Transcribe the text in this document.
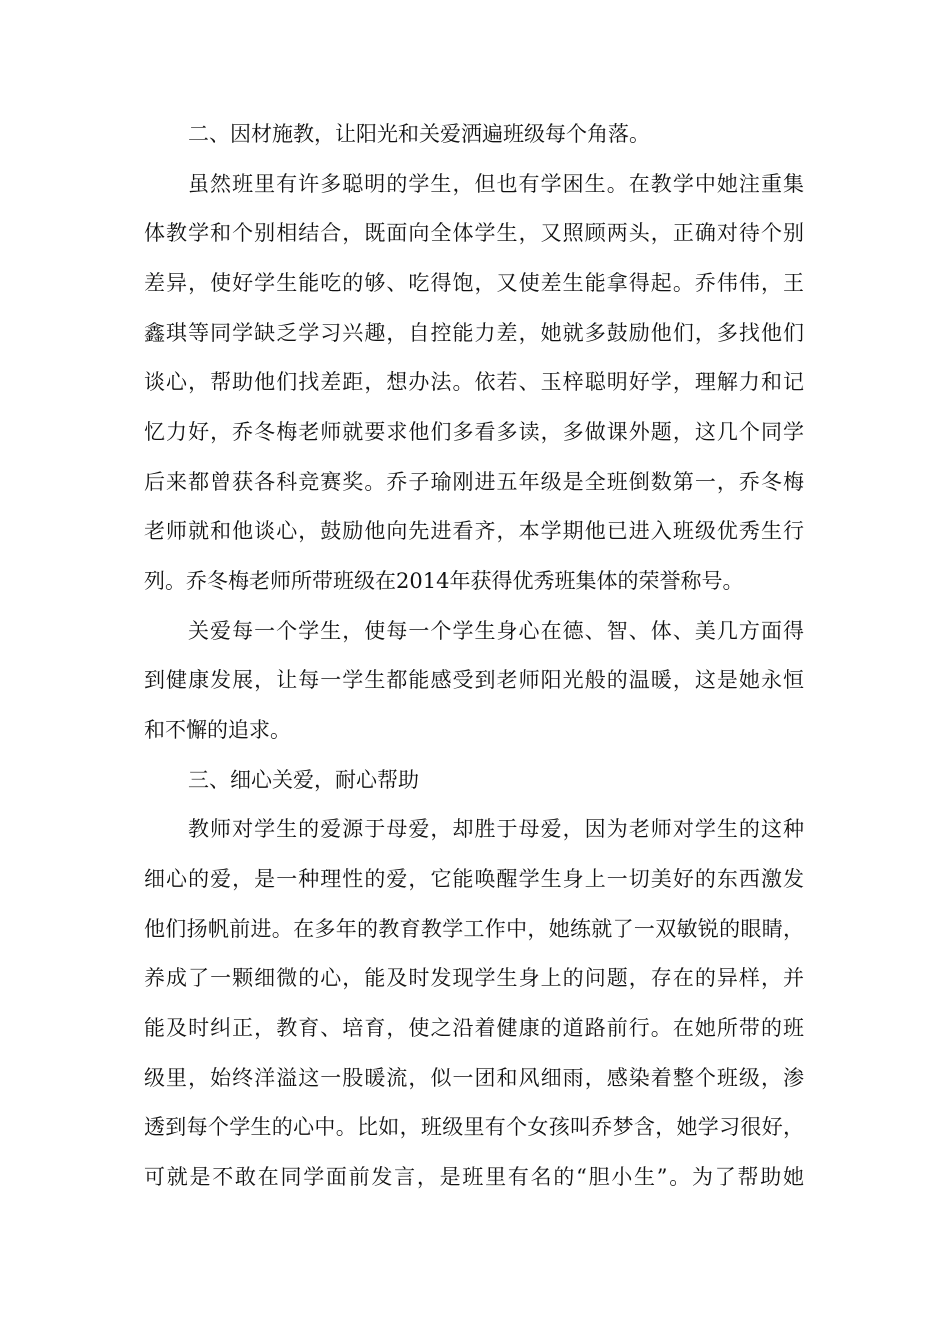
二、因材施教，让阳光和关爱洒遍班级每个角落。
虽然班里有许多聪明的学生，但也有学困生。在教学中她注重集
体教学和个别相结合，既面向全体学生，又照顾两头，正确对待个别
差异，使好学生能吃的够、吃得饱，又使差生能拿得起。乔伟伟，王
鑫琪等同学缺乏学习兴趣，自控能力差，她就多鼓励他们，多找他们
谈心，帮助他们找差距，想办法。依若、玉梓聪明好学，理解力和记
忆力好，乔冬梅老师就要求他们多看多读，多做课外题，这几个同学
后来都曾获各科竞赛奖。乔子瑜刚进五年级是全班倒数第一，乔冬梅
老师就和他谈心，鼓励他向先进看齐，本学期他已进入班级优秀生行
列。乔冬梅老师所带班级在2014年获得优秀班集体的荣誉称号。
关爱每一个学生，使每一个学生身心在德、智、体、美几方面得
到健康发展，让每一学生都能感受到老师阳光般的温暖，这是她永恒
和不懈的追求。
三、细心关爱，耐心帮助
教师对学生的爱源于母爱，却胜于母爱，因为老师对学生的这种
细心的爱，是一种理性的爱，它能唤醒学生身上一切美好的东西激发
他们扬帆前进。在多年的教育教学工作中，她练就了一双敏锐的眼睛，
养成了一颗细微的心，能及时发现学生身上的问题，存在的异样，并
能及时纠正，教育、培育，使之沿着健康的道路前行。在她所带的班
级里，始终洋溢这一股暖流，似一团和风细雨，感染着整个班级，渗
透到每个学生的心中。比如，班级里有个女孩叫乔梦含，她学习很好，
可就是不敢在同学面前发言，是班里有名的“胆小生”。为了帮助她
